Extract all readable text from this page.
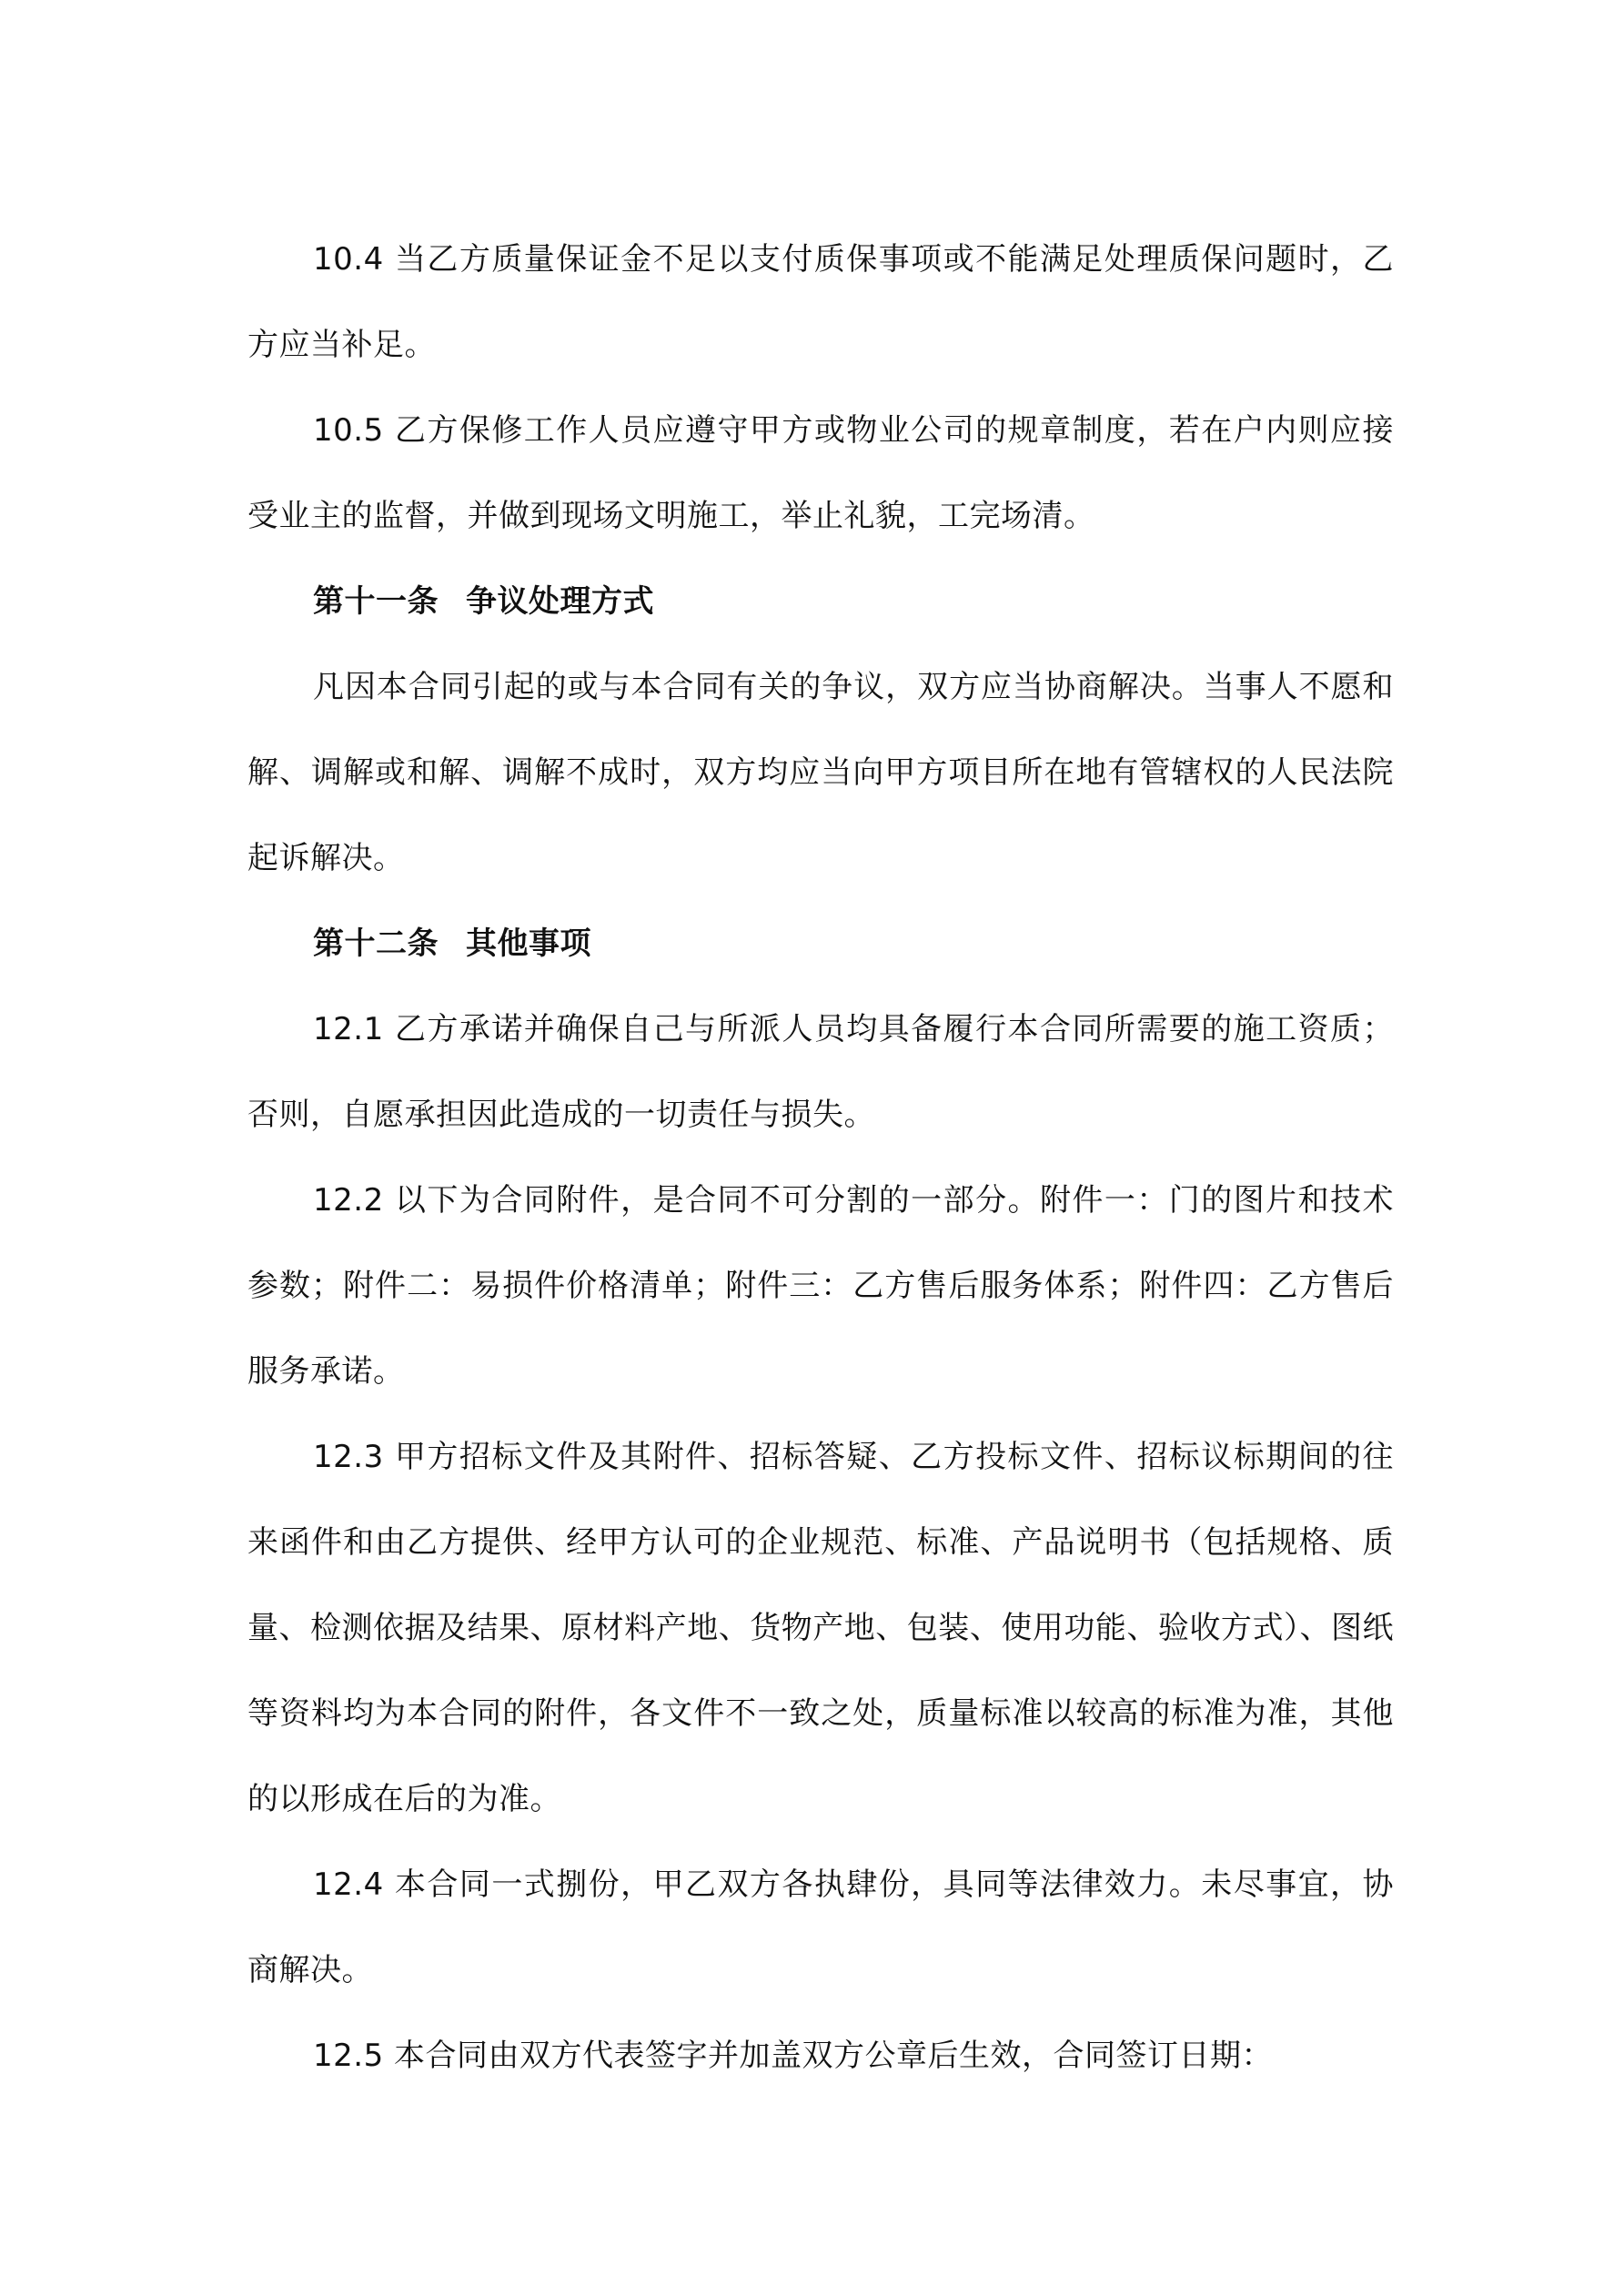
10.4 当乙方质量保证金不足以支付质保事项或不能满足处理质保问题时，乙方应当补足。

10.5 乙方保修工作人员应遵守甲方或物业公司的规章制度，若在户内则应接受业主的监督，并做到现场文明施工，举止礼貌，工完场清。

第十一条 争议处理方式

凡因本合同引起的或与本合同有关的争议，双方应当协商解决。当事人不愿和解、调解或和解、调解不成时，双方均应当向甲方项目所在地有管辖权的人民法院起诉解决。

第十二条 其他事项

12.1 乙方承诺并确保自己与所派人员均具备履行本合同所需要的施工资质；否则，自愿承担因此造成的一切责任与损失。

12.2 以下为合同附件，是合同不可分割的一部分。附件一：门的图片和技术参数；附件二：易损件价格清单；附件三：乙方售后服务体系；附件四：乙方售后服务承诺。

12.3 甲方招标文件及其附件、招标答疑、乙方投标文件、招标议标期间的往来函件和由乙方提供、经甲方认可的企业规范、标准、产品说明书（包括规格、质量、检测依据及结果、原材料产地、货物产地、包装、使用功能、验收方式）、图纸等资料均为本合同的附件，各文件不一致之处，质量标准以较高的标准为准，其他的以形成在后的为准。

12.4 本合同一式捌份，甲乙双方各执肆份，具同等法律效力。未尽事宜，协商解决。

12.5 本合同由双方代表签字并加盖双方公章后生效，合同签订日期：
